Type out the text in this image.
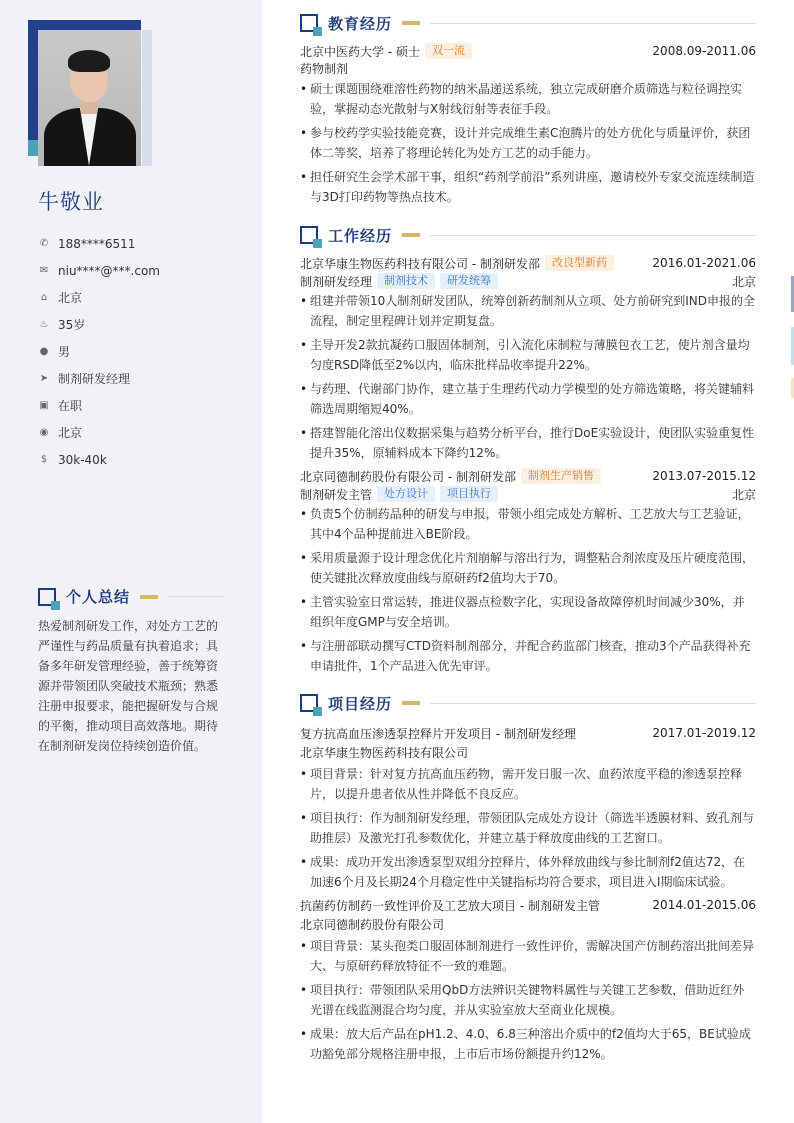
牛敬业
✆ 188****6511
✉ niu****@***.com
⌂ 北京
♨ 35岁
● 男
➤ 制剂研发经理
▣ 在职
◉ 北京
$ 30k-40k
个人总结
热爱制剂研发工作，对处方工艺的严谨性与药品质量有执着追求；具备多年研发管理经验，善于统筹资源并带领团队突破技术瓶颈；熟悉注册申报要求，能把握研发与合规的平衡，推动项目高效落地。期待在制剂研发岗位持续创造价值。
教育经历
北京中医药大学 - 硕士	双一流	2008.09-2011.06
药物制剂
• 硕士课题围绕难溶性药物的纳米晶递送系统，独立完成研磨介质筛选与粒径调控实验，掌握动态光散射与X射线衍射等表征手段。
• 参与校药学实验技能竞赛，设计并完成维生素C泡腾片的处方优化与质量评价，获团体二等奖，培养了将理论转化为处方工艺的动手能力。
• 担任研究生会学术部干事，组织“药剂学前沿”系列讲座，邀请校外专家交流连续制造与3D打印药物等热点技术。
工作经历
北京华康生物医药科技有限公司 - 制剂研发部	改良型新药	2016.01-2021.06
制剂研发经理	制剂技术	研发统筹	北京
• 组建并带领10人制剂研发团队，统筹创新药制剂从立项、处方前研究到IND申报的全流程，制定里程碑计划并定期复盘。
• 主导开发2款抗凝药口服固体制剂，引入流化床制粒与薄膜包衣工艺，使片剂含量均匀度RSD降低至2%以内，临床批样品收率提升22%。
• 与药理、代谢部门协作，建立基于生理药代动力学模型的处方筛选策略，将关键辅料筛选周期缩短40%。
• 搭建智能化溶出仪数据采集与趋势分析平台，推行DoE实验设计，使团队实验重复性提升35%，原辅料成本下降约12%。
北京同德制药股份有限公司 - 制剂研发部	制剂生产销售	2013.07-2015.12
制剂研发主管	处方设计	项目执行	北京
• 负责5个仿制药品种的研发与申报，带领小组完成处方解析、工艺放大与工艺验证，其中4个品种提前进入BE阶段。
• 采用质量源于设计理念优化片剂崩解与溶出行为，调整粘合剂浓度及压片硬度范围，使关键批次释放度曲线与原研药f2值均大于70。
• 主管实验室日常运转，推进仪器点检数字化，实现设备故障停机时间减少30%，并组织年度GMP与安全培训。
• 与注册部联动撰写CTD资料制剂部分，并配合药监部门核查，推动3个产品获得补充申请批件，1个产品进入优先审评。
项目经历
复方抗高血压渗透泵控释片开发项目 - 制剂研发经理	2017.01-2019.12
北京华康生物医药科技有限公司
• 项目背景：针对复方抗高血压药物，需开发日服一次、血药浓度平稳的渗透泵控释片，以提升患者依从性并降低不良反应。
• 项目执行：作为制剂研发经理，带领团队完成处方设计（筛选半透膜材料、致孔剂与助推层）及激光打孔参数优化，并建立基于释放度曲线的工艺窗口。
• 成果：成功开发出渗透泵型双组分控释片，体外释放曲线与参比制剂f2值达72，在加速6个月及长期24个月稳定性中关键指标均符合要求，项目进入I期临床试验。
抗菌药仿制药一致性评价及工艺放大项目 - 制剂研发主管	2014.01-2015.06
北京同德制药股份有限公司
• 项目背景：某头孢类口服固体制剂进行一致性评价，需解决国产仿制药溶出批间差异大、与原研药释放特征不一致的难题。
• 项目执行：带领团队采用QbD方法辨识关键物料属性与关键工艺参数，借助近红外光谱在线监测混合均匀度，并从实验室放大至商业化规模。
• 成果：放大后产品在pH1.2、4.0、6.8三种溶出介质中的f2值均大于65，BE试验成功豁免部分规格注册申报，上市后市场份额提升约12%。
